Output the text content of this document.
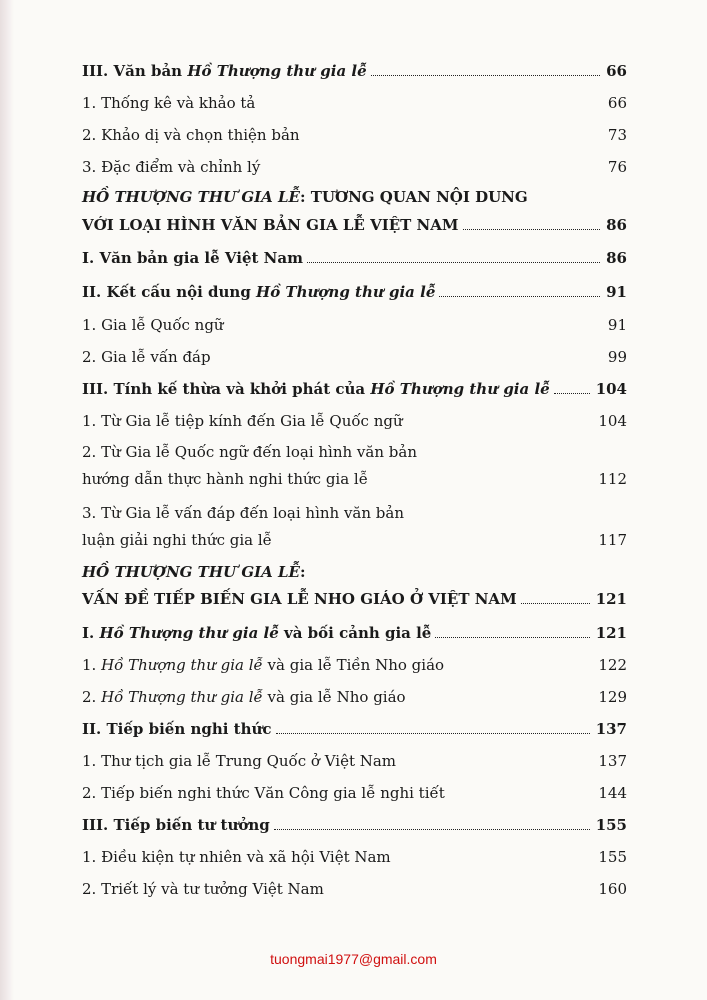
III. Văn bản Hồ Thượng thư gia lễ	66
1. Thống kê và khảo tả	66
2. Khảo dị và chọn thiện bản	73
3. Đặc điểm và chỉnh lý	76
HỒ THƯỢNG THƯ GIA LỄ: TƯƠNG QUAN NỘI DUNG
VỚI LOẠI HÌNH VĂN BẢN GIA LỄ VIỆT NAM	86
I. Văn bản gia lễ Việt Nam	86
II. Kết cấu nội dung Hồ Thượng thư gia lễ	91
1. Gia lễ Quốc ngữ	91
2. Gia lễ vấn đáp	99
III. Tính kế thừa và khởi phát của Hồ Thượng thư gia lễ	104
1. Từ Gia lễ tiệp kính đến Gia lễ Quốc ngữ	104
2. Từ Gia lễ Quốc ngữ đến loại hình văn bản
hướng dẫn thực hành nghi thức gia lễ	112
3. Từ Gia lễ vấn đáp đến loại hình văn bản
luận giải nghi thức gia lễ	117
HỒ THƯỢNG THƯ GIA LỄ:
VẤN ĐỀ TIẾP BIẾN GIA LỄ NHO GIÁO Ở VIỆT NAM	121
I. Hồ Thượng thư gia lễ và bối cảnh gia lễ	121
1. Hồ Thượng thư gia lễ và gia lễ Tiền Nho giáo	122
2. Hồ Thượng thư gia lễ và gia lễ Nho giáo	129
II. Tiếp biến nghi thức	137
1. Thư tịch gia lễ Trung Quốc ở Việt Nam	137
2. Tiếp biến nghi thức Văn Công gia lễ nghi tiết	144
III. Tiếp biến tư tưởng	155
1. Điều kiện tự nhiên và xã hội Việt Nam	155
2. Triết lý và tư tưởng Việt Nam	160
tuongmai1977@gmail.com
